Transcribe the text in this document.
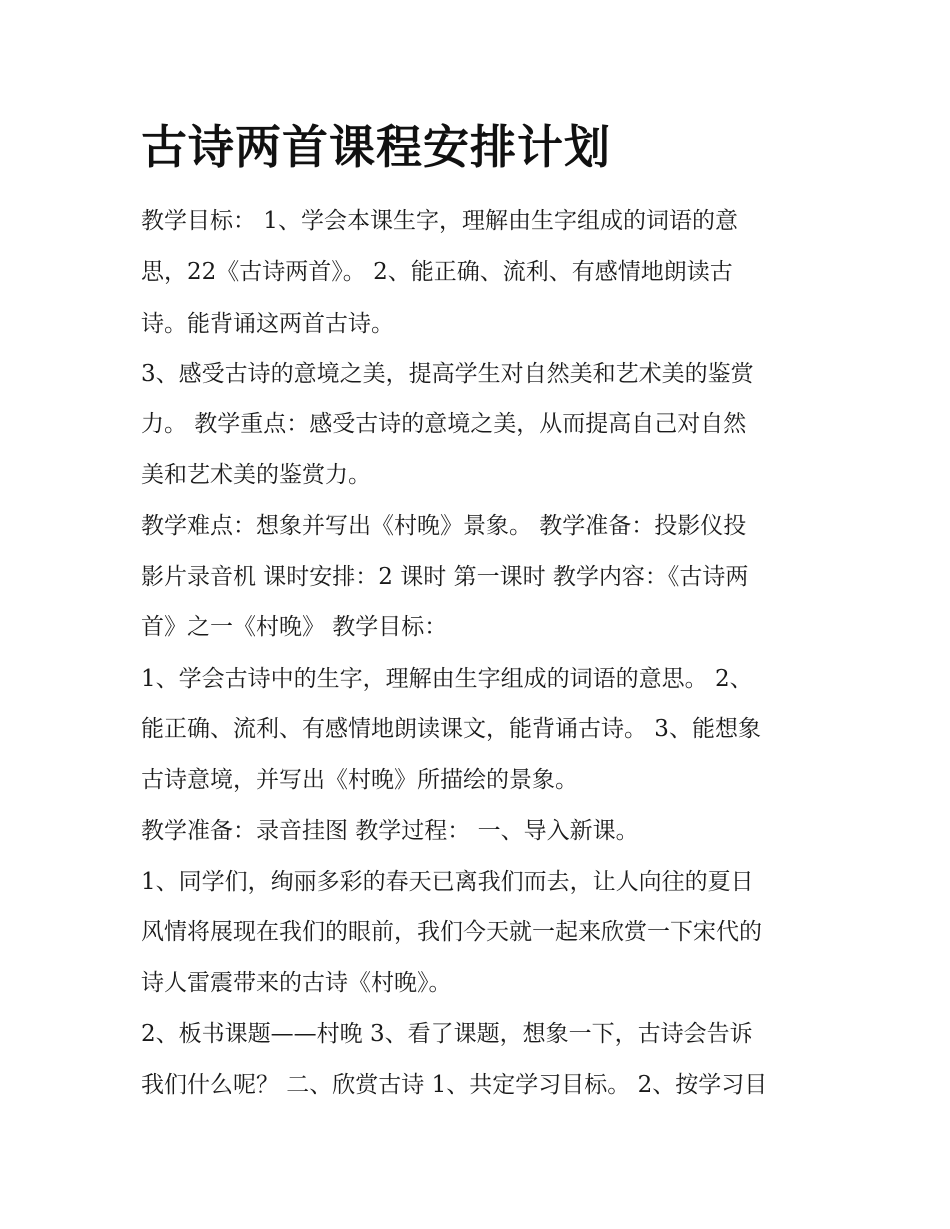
古诗两首课程安排计划

教学目标： 1、学会本课生字，理解由生字组成的词语的意

思，22《古诗两首》。 2、能正确、流利、有感情地朗读古

诗。能背诵这两首古诗。

3、感受古诗的意境之美，提高学生对自然美和艺术美的鉴赏

力。 教学重点：感受古诗的意境之美，从而提高自己对自然

美和艺术美的鉴赏力。

教学难点：想象并写出《村晚》景象。 教学准备：投影仪投

影片录音机 课时安排：2 课时 第一课时 教学内容：《古诗两

首》之一《村晚》 教学目标：

1、学会古诗中的生字，理解由生字组成的词语的意思。 2、

能正确、流利、有感情地朗读课文，能背诵古诗。 3、能想象

古诗意境，并写出《村晚》所描绘的景象。

教学准备：录音挂图 教学过程： 一、导入新课。

1、同学们，绚丽多彩的春天已离我们而去，让人向往的夏日

风情将展现在我们的眼前，我们今天就一起来欣赏一下宋代的

诗人雷震带来的古诗《村晚》。

2、板书课题——村晚 3、看了课题，想象一下，古诗会告诉

我们什么呢？ 二、欣赏古诗 1、共定学习目标。 2、按学习目
